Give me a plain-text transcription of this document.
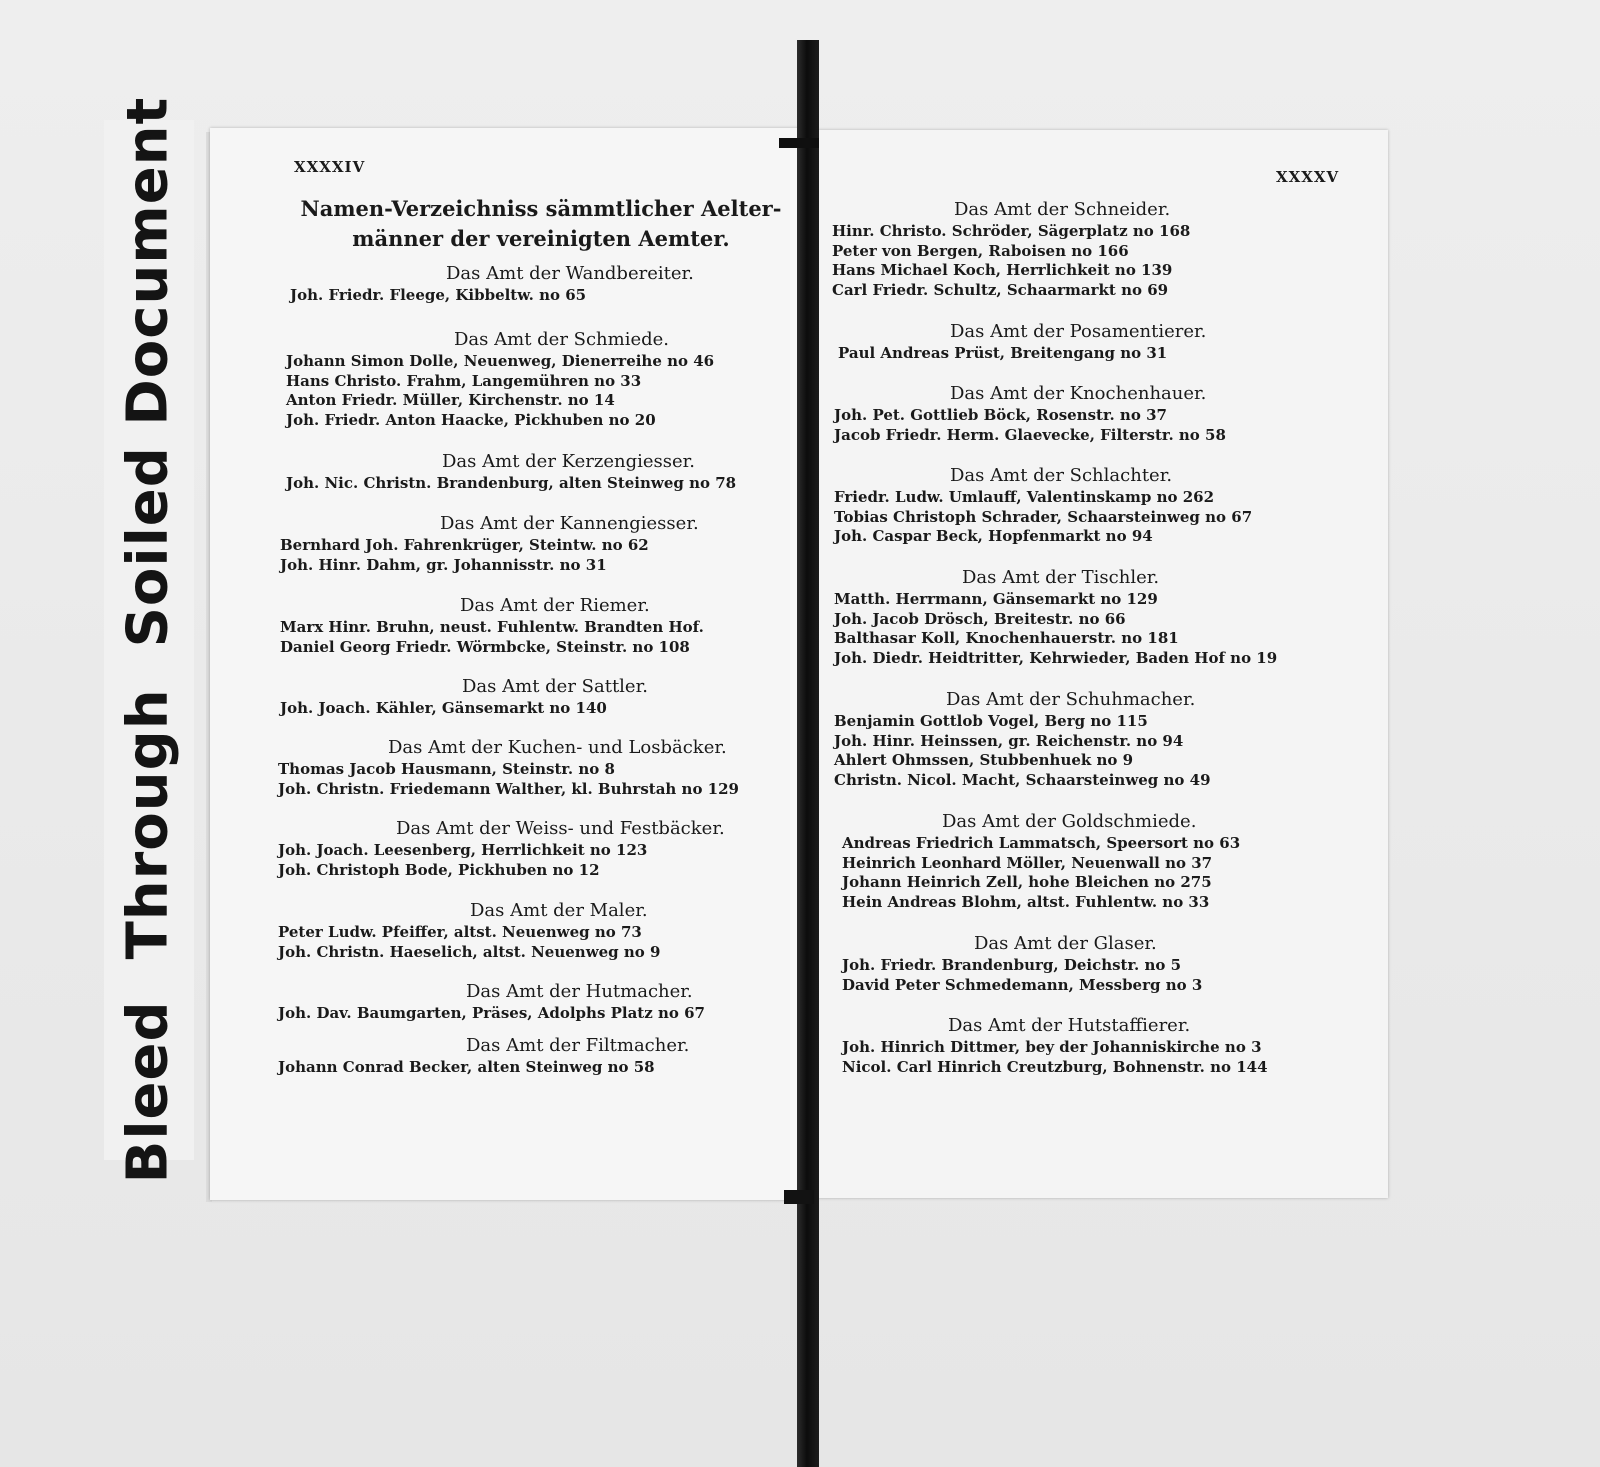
Bleed  Through  Soiled Document	XXXXIV
Namen-Verzeichniss sämmtlicher Aelter-
männer der vereinigten Aemter.
Das Amt der Wandbereiter.
Joh. Friedr. Fleege, Kibbeltw. no 65
Das Amt der Schmiede.
Johann Simon Dolle, Neuenweg, Dienerreihe no 46
Hans Christo. Frahm, Langemühren no 33
Anton Friedr. Müller, Kirchenstr. no 14
Joh. Friedr. Anton Haacke, Pickhuben no 20
Das Amt der Kerzengiesser.
Joh. Nic. Christn. Brandenburg, alten Steinweg no 78
Das Amt der Kannengiesser.
Bernhard Joh. Fahrenkrüger, Steintw. no 62
Joh. Hinr. Dahm, gr. Johannisstr. no 31
Das Amt der Riemer.
Marx Hinr. Bruhn, neust. Fuhlentw. Brandten Hof.
Daniel Georg Friedr. Wörmbcke, Steinstr. no 108
Das Amt der Sattler.
Joh. Joach. Kähler, Gänsemarkt no 140
Das Amt der Kuchen- und Losbäcker.
Thomas Jacob Hausmann, Steinstr. no 8
Joh. Christn. Friedemann Walther, kl. Buhrstah no 129
Das Amt der Weiss- und Festbäcker.
Joh. Joach. Leesenberg, Herrlichkeit no 123
Joh. Christoph Bode, Pickhuben no 12
Das Amt der Maler.
Peter Ludw. Pfeiffer, altst. Neuenweg no 73
Joh. Christn. Haeselich, altst. Neuenweg no 9
Das Amt der Hutmacher.
Joh. Dav. Baumgarten, Präses, Adolphs Platz no 67
Das Amt der Filtmacher.
Johann Conrad Becker, alten Steinweg no 58
XXXXV
Das Amt der Schneider.
Hinr. Christo. Schröder, Sägerplatz no 168
Peter von Bergen, Raboisen no 166
Hans Michael Koch, Herrlichkeit no 139
Carl Friedr. Schultz, Schaarmarkt no 69
Das Amt der Posamentierer.
Paul Andreas Prüst, Breitengang no 31
Das Amt der Knochenhauer.
Joh. Pet. Gottlieb Böck, Rosenstr. no 37
Jacob Friedr. Herm. Glaevecke, Filterstr. no 58
Das Amt der Schlachter.
Friedr. Ludw. Umlauff, Valentinskamp no 262
Tobias Christoph Schrader, Schaarsteinweg no 67
Joh. Caspar Beck, Hopfenmarkt no 94
Das Amt der Tischler.
Matth. Herrmann, Gänsemarkt no 129
Joh. Jacob Drösch, Breitestr. no 66
Balthasar Koll, Knochenhauerstr. no 181
Joh. Diedr. Heidtritter, Kehrwieder, Baden Hof no 19
Das Amt der Schuhmacher.
Benjamin Gottlob Vogel, Berg no 115
Joh. Hinr. Heinssen, gr. Reichenstr. no 94
Ahlert Ohmssen, Stubbenhuek no 9
Christn. Nicol. Macht, Schaarsteinweg no 49
Das Amt der Goldschmiede.
Andreas Friedrich Lammatsch, Speersort no 63
Heinrich Leonhard Möller, Neuenwall no 37
Johann Heinrich Zell, hohe Bleichen no 275
Hein Andreas Blohm, altst. Fuhlentw. no 33
Das Amt der Glaser.
Joh. Friedr. Brandenburg, Deichstr. no 5
David Peter Schmedemann, Messberg no 3
Das Amt der Hutstaffierer.
Joh. Hinrich Dittmer, bey der Johanniskirche no 3
Nicol. Carl Hinrich Creutzburg, Bohnenstr. no 144
